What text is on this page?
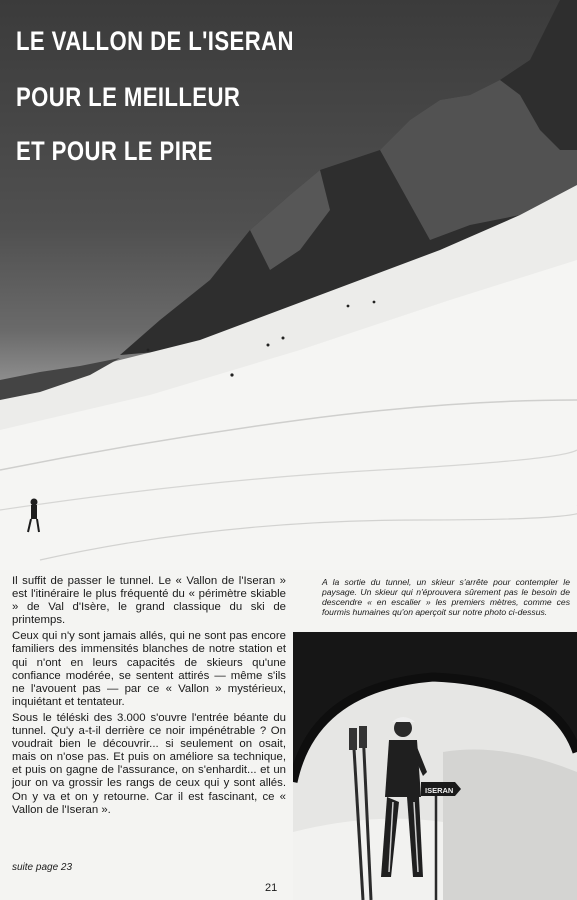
LE VALLON DE L'ISERAN
POUR LE MEILLEUR
ET POUR LE PIRE

Il suffit de passer le tunnel. Le « Vallon de l'Iseran » est l'itinéraire le plus fréquenté du « périmètre skiable » de Val d'Isère, le grand classique du ski de printemps.

Ceux qui n'y sont jamais allés, qui ne sont pas encore familiers des immensités blanches de notre station et qui n'ont en leurs capacités de skieurs qu'une confiance modérée, se sentent attirés — même s'ils ne l'avouent pas — par ce « Vallon » mystérieux, inquiétant et tentateur.

Sous le téléski des 3.000 s'ouvre l'entrée béante du tunnel. Qu'y a-t-il derrière ce noir impénétrable ? On voudrait bien le découvrir... si seulement on osait, mais on n'ose pas. Et puis on améliore sa technique, et puis on gagne de l'assurance, on s'enhardit... et un jour on va grossir les rangs de ceux qui y sont allés. On y va et on y retourne. Car il est fascinant, ce « Vallon de l'Iseran ».

suite page 23
A la sortie du tunnel, un skieur s'arrête pour contempler le paysage. Un skieur qui n'éprouvera sûrement pas le besoin de descendre « en escalier » les premiers mètres, comme ces fourmis humaines qu'on aperçoit sur notre photo ci-dessus.
ISERAN
21
